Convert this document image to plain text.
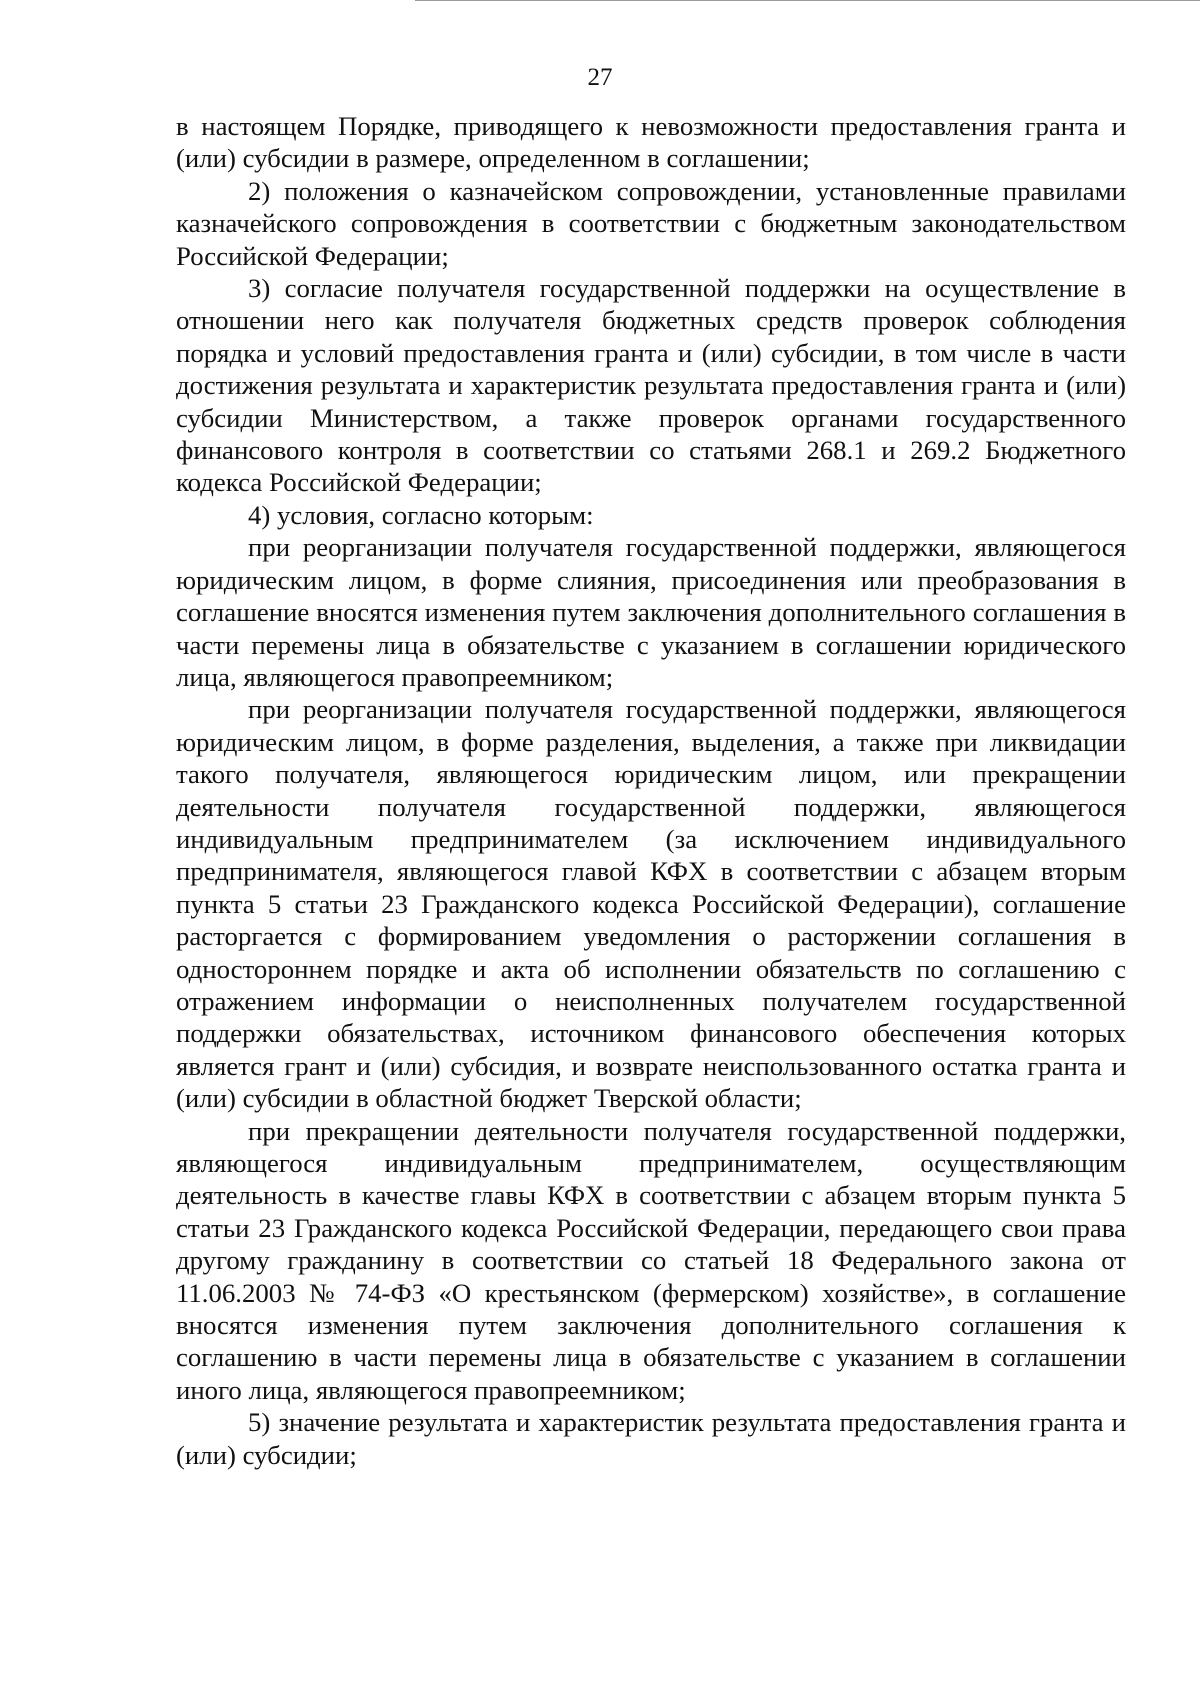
27

в настоящем Порядке, приводящего к невозможности предоставления гранта и (или) субсидии в размере, определенном в соглашении;

2) положения о казначейском сопровождении, установленные правилами казначейского сопровождения в соответствии с бюджетным законодательством Российской Федерации;

3) согласие получателя государственной поддержки на осуществление в отношении него как получателя бюджетных средств проверок соблюдения порядка и условий предоставления гранта и (или) субсидии, в том числе в части достижения результата и характеристик результата предоставления гранта и (или) субсидии Министерством, а также проверок органами государственного финансового контроля в соответствии со статьями 268.1 и 269.2 Бюджетного кодекса Российской Федерации;

4) условия, согласно которым:

при реорганизации получателя государственной поддержки, являющегося юридическим лицом, в форме слияния, присоединения или преобразования в соглашение вносятся изменения путем заключения дополнительного соглашения в части перемены лица в обязательстве с указанием в соглашении юридического лица, являющегося правопреемником;

при реорганизации получателя государственной поддержки, являющегося юридическим лицом, в форме разделения, выделения, а также при ликвидации такого получателя, являющегося юридическим лицом, или прекращении деятельности получателя государственной поддержки, являющегося индивидуальным предпринимателем (за исключением индивидуального предпринимателя, являющегося главой КФХ в соответствии с абзацем вторым пункта 5 статьи 23 Гражданского кодекса Российской Федерации), соглашение расторгается с формированием уведомления о расторжении соглашения в одностороннем порядке и акта об исполнении обязательств по соглашению с отражением информации о неисполненных получателем государственной поддержки обязательствах, источником финансового обеспечения которых является грант и (или) субсидия, и возврате неиспользованного остатка гранта и (или) субсидии в областной бюджет Тверской области;

при прекращении деятельности получателя государственной поддержки, являющегося индивидуальным предпринимателем, осуществляющим деятельность в качестве главы КФХ в соответствии с абзацем вторым пункта 5 статьи 23 Гражданского кодекса Российской Федерации, передающего свои права другому гражданину в соответствии со статьей 18 Федерального закона от 11.06.2003 № 74-ФЗ «О крестьянском (фермерском) хозяйстве», в соглашение вносятся изменения путем заключения дополнительного соглашения к соглашению в части перемены лица в обязательстве с указанием в соглашении иного лица, являющегося правопреемником;

5) значение результата и характеристик результата предоставления гранта и (или) субсидии;
